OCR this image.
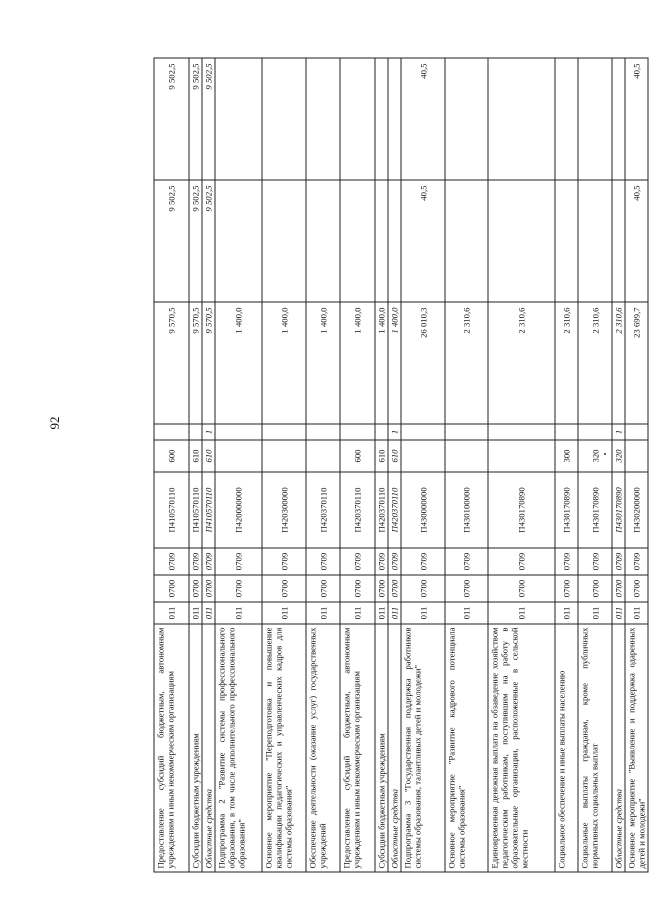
92
Предоставление субсидий бюджетным, автономным учреждениям и иным некоммерческим организациям	011	0700	0709	П410570110	600		9 570,5	9 502,5	9 502,5
Субсидии бюджетным учреждениям	011	0700	0709	П410570110	610		9 570,5	9 502,5	9 502,5
Областные средства	011	0700	0709	П410570110	610	1	9 570,5	9 502,5	9 502,5
Подпрограмма 2 "Развитие системы профессионального образования, в том числе дополнительного профессионального образования"	011	0700	0709	П420000000			1 400,0		
Основное мероприятие "Переподготовка и повышение квалификации педагогических и управленческих кадров для системы образования"	011	0700	0709	П420300000			1 400,0		
Обеспечение деятельности (оказание услуг) государственных учреждений	011	0700	0709	П420370110			1 400,0		
Предоставление субсидий бюджетным, автономным учреждениям и иным некоммерческим организациям	011	0700	0709	П420370110	600		1 400,0		
Субсидии бюджетным учреждениям	011	0700	0709	П420370110	610		1 400,0		
Областные средства	011	0700	0709	П420370110	610	1	1 400,0		
Подпрограмма 3 "Государственная поддержка работников системы образования, талантливых детей и молодежи"	011	0700	0709	П430000000			26 010,3	40,5	40,5
Основное мероприятие "Развитие кадрового потенциала системы образования"	011	0700	0709	П430100000			2 310,6		
Единовременная денежная выплата на обзаведение хозяйством педагогическим работникам, поступившим на работу в образовательные организации, расположенные в сельской местности	011	0700	0709	П430170890			2 310,6		
Социальное обеспечение и иные выплаты населению	011	0700	0709	П430170890	300		2 310,6		
Социальные выплаты гражданам, кроме публичных нормативных социальных выплат	011	0700	0709	П430170890	320		2 310,6		
Областные средства	011	0700	0709	П430170890	320	1	2 310,6		
Основное мероприятие "Выявление и поддержка одаренных детей и молодежи"	011	0700	0709	П430200000			23 699,7	40,5	40,5
